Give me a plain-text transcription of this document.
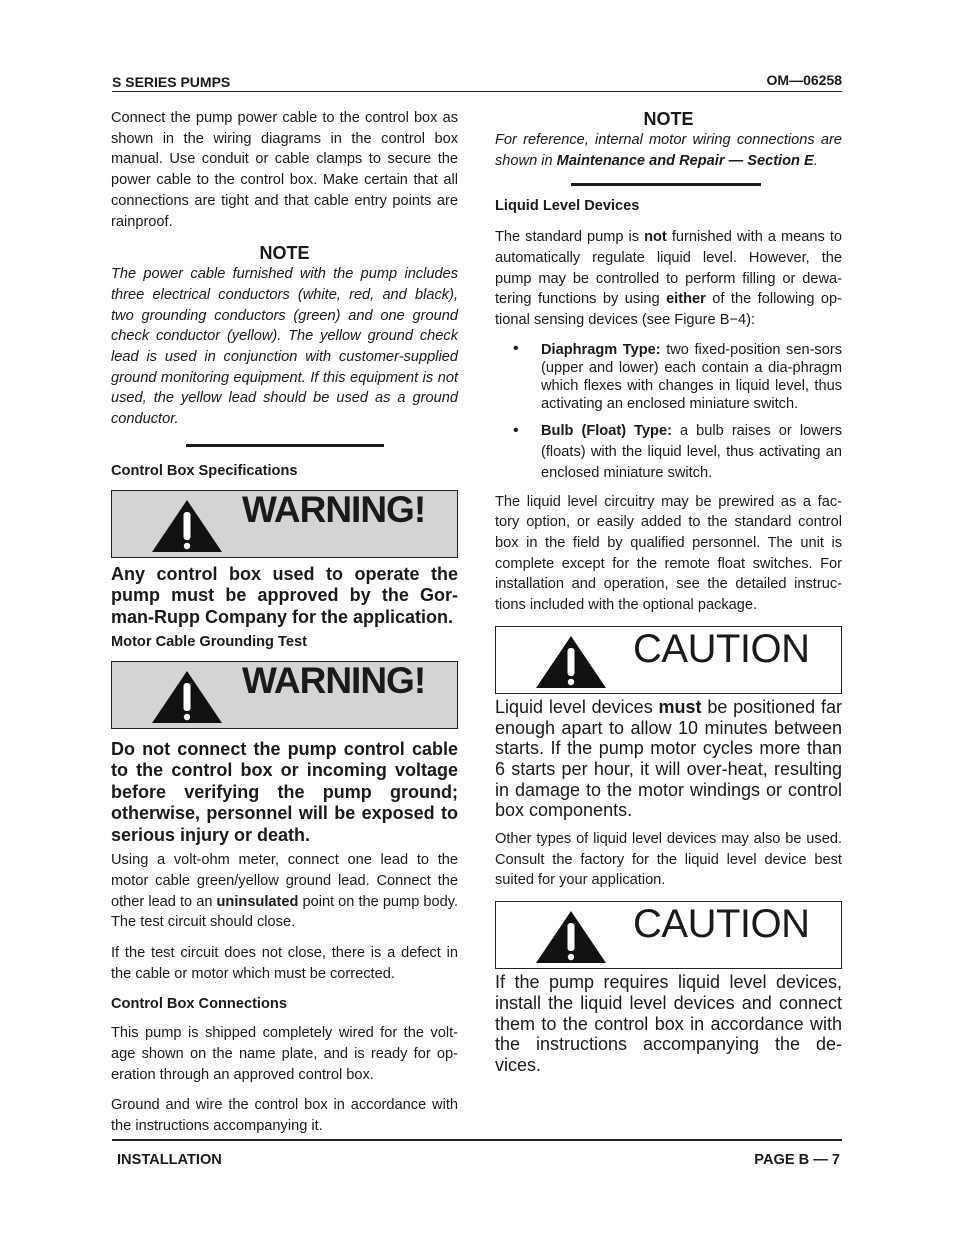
S SERIES PUMPS	OM—06258

Connect the pump power cable to the control box as shown in the wiring diagrams in the control box manual. Use conduit or cable clamps to secure the power cable to the control box. Make certain that all connections are tight and that cable entry points are rainproof.

NOTE

The power cable furnished with the pump includes three electrical conductors (white, red, and black), two grounding conductors (green) and one ground check conductor (yellow). The yellow ground check lead is used in conjunction with customer-supplied ground monitoring equipment. If this equipment is not used, the yellow lead should be used as a ground conductor.

Control Box Specifications
WARNING!

Any control box used to operate the pump must be approved by the Gor-man-Rupp Company for the application.

Motor Cable Grounding Test
WARNING!

Do not connect the pump control cable to the control box or incoming voltage before verifying the pump ground; otherwise, personnel will be exposed to serious injury or death.

Using a volt-ohm meter, connect one lead to the motor cable green/yellow ground lead. Connect the other lead to an uninsulated point on the pump body. The test circuit should close.

If the test circuit does not close, there is a defect in the cable or motor which must be corrected.

Control Box Connections

This pump is shipped completely wired for the volt-age shown on the name plate, and is ready for op-eration through an approved control box.

Ground and wire the control box in accordance with the instructions accompanying it.

NOTE

For reference, internal motor wiring connections are shown in Maintenance and Repair — Section E.

Liquid Level Devices

The standard pump is not furnished with a means to automatically regulate liquid level. However, the pump may be controlled to perform filling or dewa-tering functions by using either of the following op-tional sensing devices (see Figure B−4):

• Diaphragm Type: two fixed-position sen-sors (upper and lower) each contain a dia-phragm which flexes with changes in liquid level, thus activating an enclosed miniature switch.
• Bulb (Float) Type: a bulb raises or lowers (floats) with the liquid level, thus activating an enclosed miniature switch.

The liquid level circuitry may be prewired as a fac-tory option, or easily added to the standard control box in the field by qualified personnel. The unit is complete except for the remote float switches. For installation and operation, see the detailed instruc-tions included with the optional package.

CAUTION

Liquid level devices must be positioned far enough apart to allow 10 minutes between starts. If the pump motor cycles more than 6 starts per hour, it will over-heat, resulting in damage to the motor windings or control box components.

Other types of liquid level devices may also be used. Consult the factory for the liquid level device best suited for your application.

CAUTION

If the pump requires liquid level devices, install the liquid level devices and connect them to the control box in accordance with the instructions accompanying the de-vices.

INSTALLATION	PAGE B — 7
